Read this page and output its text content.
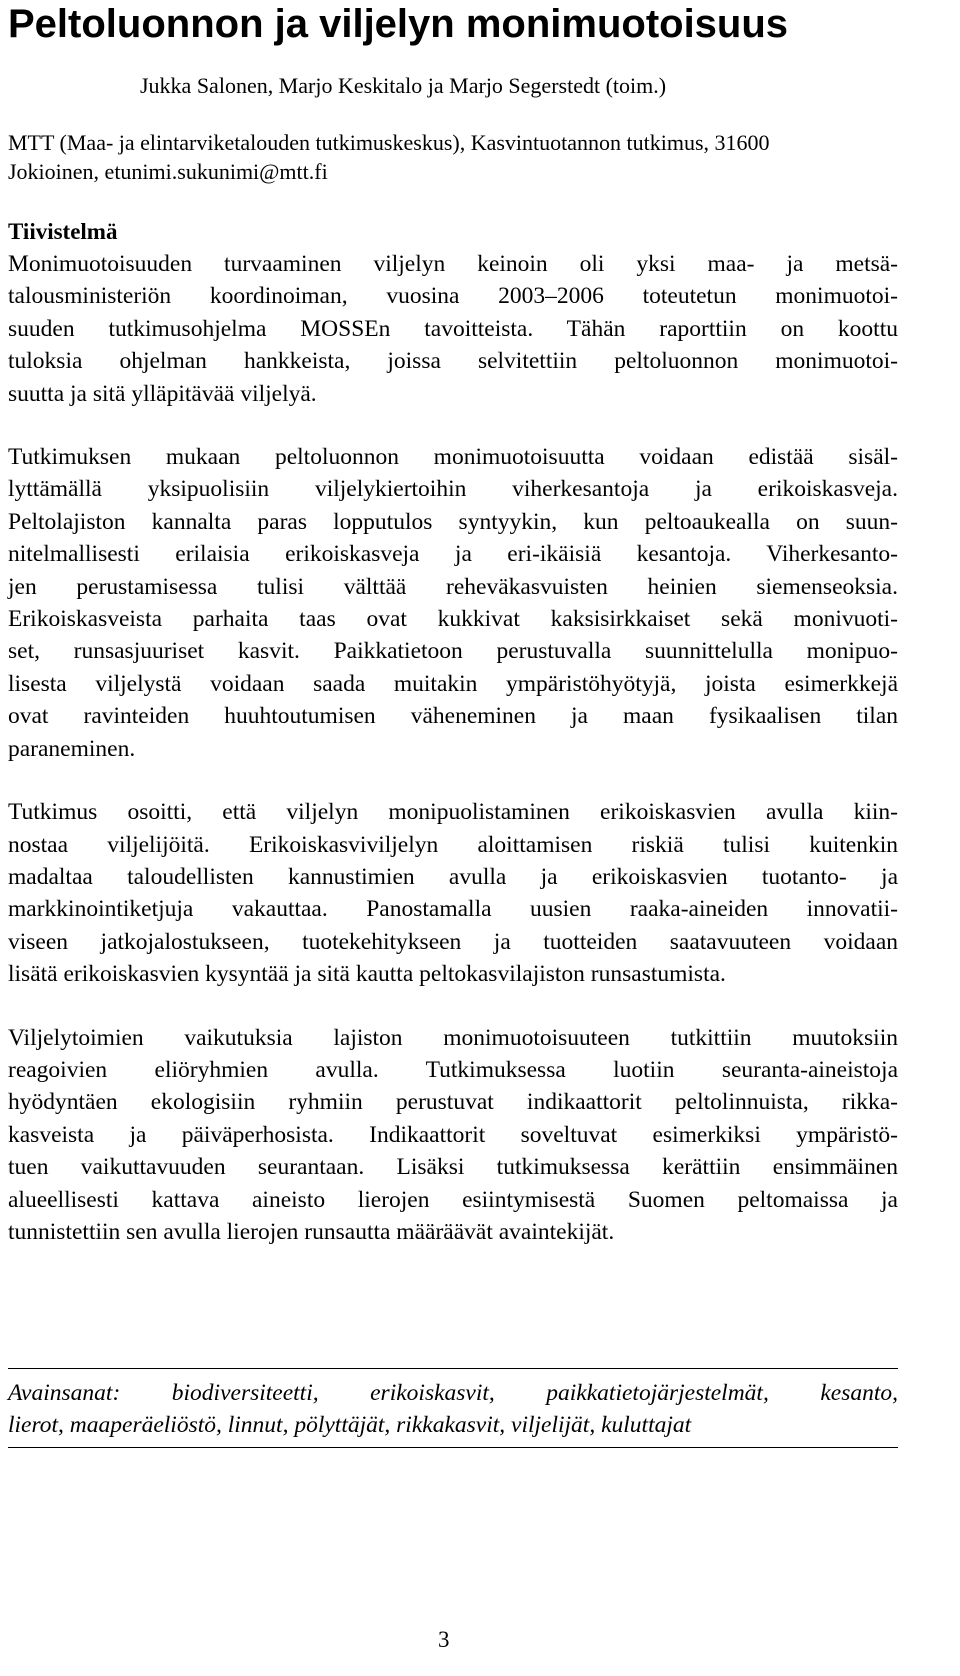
Peltoluonnon ja viljelyn monimuotoisuus

Jukka Salonen, Marjo Keskitalo ja Marjo Segerstedt (toim.)

MTT (Maa- ja elintarviketalouden tutkimuskeskus), Kasvintuotannon tutkimus, 31600
Jokioinen, etunimi.sukunimi@mtt.fi

Tiivistelmä

Monimuotoisuuden turvaaminen viljelyn keinoin oli yksi maa- ja metsä-
talousministeriön koordinoiman, vuosina 2003–2006 toteutetun monimuotoi-
suuden tutkimusohjelma MOSSEn tavoitteista. Tähän raporttiin on koottu
tuloksia ohjelman hankkeista, joissa selvitettiin peltoluonnon monimuotoi-
suutta ja sitä ylläpitävää viljelyä.

Tutkimuksen mukaan peltoluonnon monimuotoisuutta voidaan edistää sisäl-
lyttämällä yksipuolisiin viljelykiertoihin viherkesantoja ja erikoiskasveja.
Peltolajiston kannalta paras lopputulos syntyykin, kun peltoaukealla on suun-
nitelmallisesti erilaisia erikoiskasveja ja eri-ikäisiä kesantoja. Viherkesanto-
jen perustamisessa tulisi välttää reheväkasvuisten heinien siemenseoksia.
Erikoiskasveista parhaita taas ovat kukkivat kaksisirkkaiset sekä monivuoti-
set, runsasjuuriset kasvit. Paikkatietoon perustuvalla suunnittelulla monipuo-
lisesta viljelystä voidaan saada muitakin ympäristöhyötyjä, joista esimerkkejä
ovat ravinteiden huuhtoutumisen väheneminen ja maan fysikaalisen tilan
paraneminen.

Tutkimus osoitti, että viljelyn monipuolistaminen erikoiskasvien avulla kiin-
nostaa viljelijöitä. Erikoiskasviviljelyn aloittamisen riskiä tulisi kuitenkin
madaltaa taloudellisten kannustimien avulla ja erikoiskasvien tuotanto- ja
markkinointiketjuja vakauttaa. Panostamalla uusien raaka-aineiden innovatii-
viseen jatkojalostukseen, tuotekehitykseen ja tuotteiden saatavuuteen voidaan
lisätä erikoiskasvien kysyntää ja sitä kautta peltokasvilajiston runsastumista.

Viljelytoimien vaikutuksia lajiston monimuotoisuuteen tutkittiin muutoksiin
reagoivien eliöryhmien avulla. Tutkimuksessa luotiin seuranta-aineistoja
hyödyntäen ekologisiin ryhmiin perustuvat indikaattorit peltolinnuista, rikka-
kasveista ja päiväperhosista. Indikaattorit soveltuvat esimerkiksi ympäristö-
tuen vaikuttavuuden seurantaan. Lisäksi tutkimuksessa kerättiin ensimmäinen
alueellisesti kattava aineisto lierojen esiintymisestä Suomen peltomaissa ja
tunnistettiin sen avulla lierojen runsautta määräävät avaintekijät.

Avainsanat: biodiversiteetti, erikoiskasvit, paikkatietojärjestelmät, kesanto,
lierot, maaperäeliöstö, linnut, pölyttäjät, rikkakasvit, viljelijät, kuluttajat
3
